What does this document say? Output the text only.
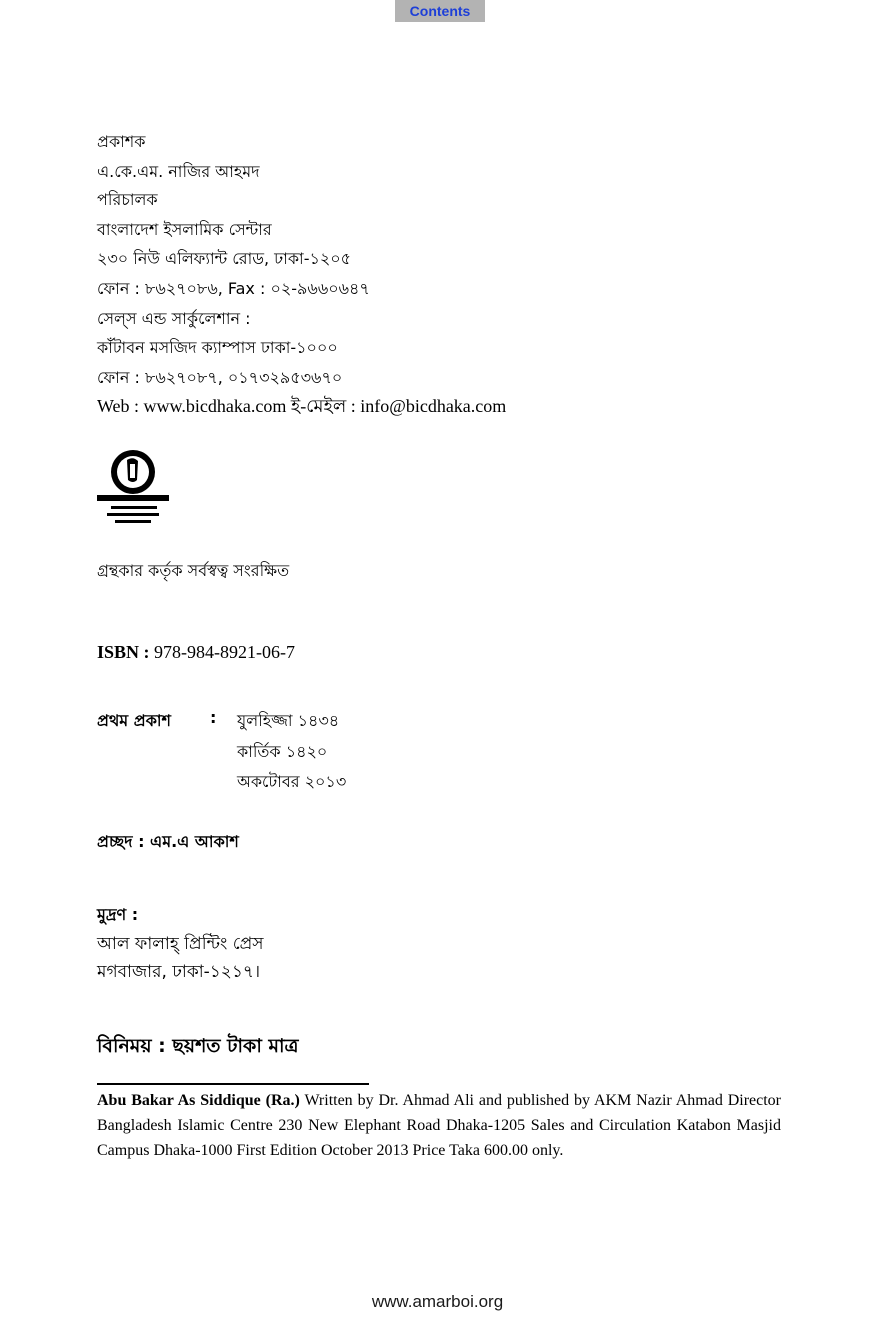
Contents
প্রকাশক
এ.কে.এম. নাজির আহমদ
পরিচালক
বাংলাদেশ ইসলামিক সেন্টার
২৩০ নিউ এলিফ্যান্ট রোড, ঢাকা-১২০৫
ফোন : ৮৬২৭০৮৬, Fax : ০২-৯৬৬০৬৪৭
সেল্স এন্ড সার্কুলেশান :
কাঁটাবন মসজিদ ক্যাম্পাস ঢাকা-১০০০
ফোন : ৮৬২৭০৮৭, ০১৭৩২৯৫৩৬৭০
Web : www.bicdhaka.com ই-মেইল : info@bicdhaka.com
গ্রন্থকার কর্তৃক সর্বস্বত্ব সংরক্ষিত
ISBN : 978-984-8921-06-7
প্রথম প্রকাশ : যুলহিজ্জা ১৪৩৪
কার্তিক ১৪২০
অকটোবর ২০১৩
প্রচ্ছদ : এম.এ আকাশ
মুদ্রণ :
আল ফালাহ্ প্রিন্টিং প্রেস
মগবাজার, ঢাকা-১২১৭।
বিনিময় : ছয়শত টাকা মাত্র
Abu Bakar As Siddique (Ra.) Written by Dr. Ahmad Ali and published by AKM Nazir Ahmad Director Bangladesh Islamic Centre 230 New Elephant Road Dhaka-1205 Sales and Circulation Katabon Masjid Campus Dhaka-1000 First Edition October 2013 Price Taka 600.00 only.
www.amarboi.org
